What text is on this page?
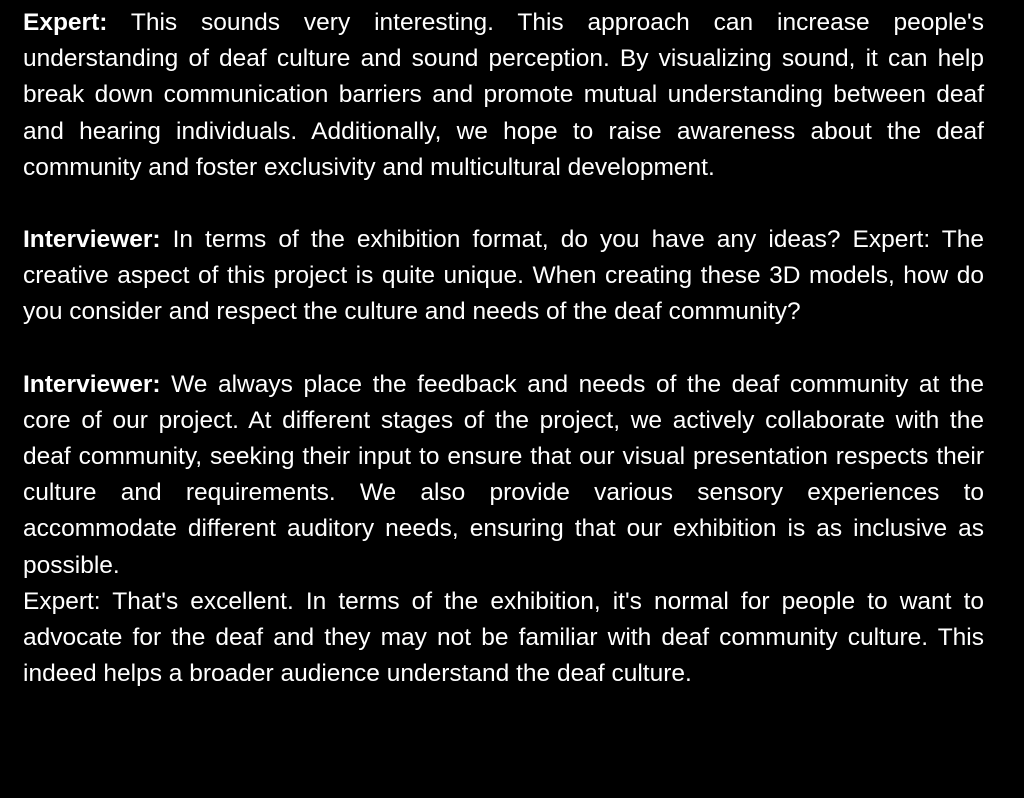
Expert: This sounds very interesting. This approach can increase people's understanding of deaf culture and sound perception. By visualizing sound, it can help break down communication barriers and promote mutual understanding between deaf and hearing individuals. Additionally, we hope to raise awareness about the deaf community and foster exclusivity and multicultural development.

Interviewer: In terms of the exhibition format, do you have any ideas? Expert: The creative aspect of this project is quite unique. When creating these 3D models, how do you consider and respect the culture and needs of the deaf community?

Interviewer: We always place the feedback and needs of the deaf community at the core of our project. At different stages of the project, we actively collaborate with the deaf community, seeking their input to ensure that our visual presentation respects their culture and requirements. We also provide various sensory experiences to accommodate different auditory needs, ensuring that our exhibition is as inclusive as possible.

Expert: That's excellent. In terms of the exhibition, it's normal for people to want to advocate for the deaf and they may not be familiar with deaf community culture. This indeed helps a broader audience understand the deaf culture.
